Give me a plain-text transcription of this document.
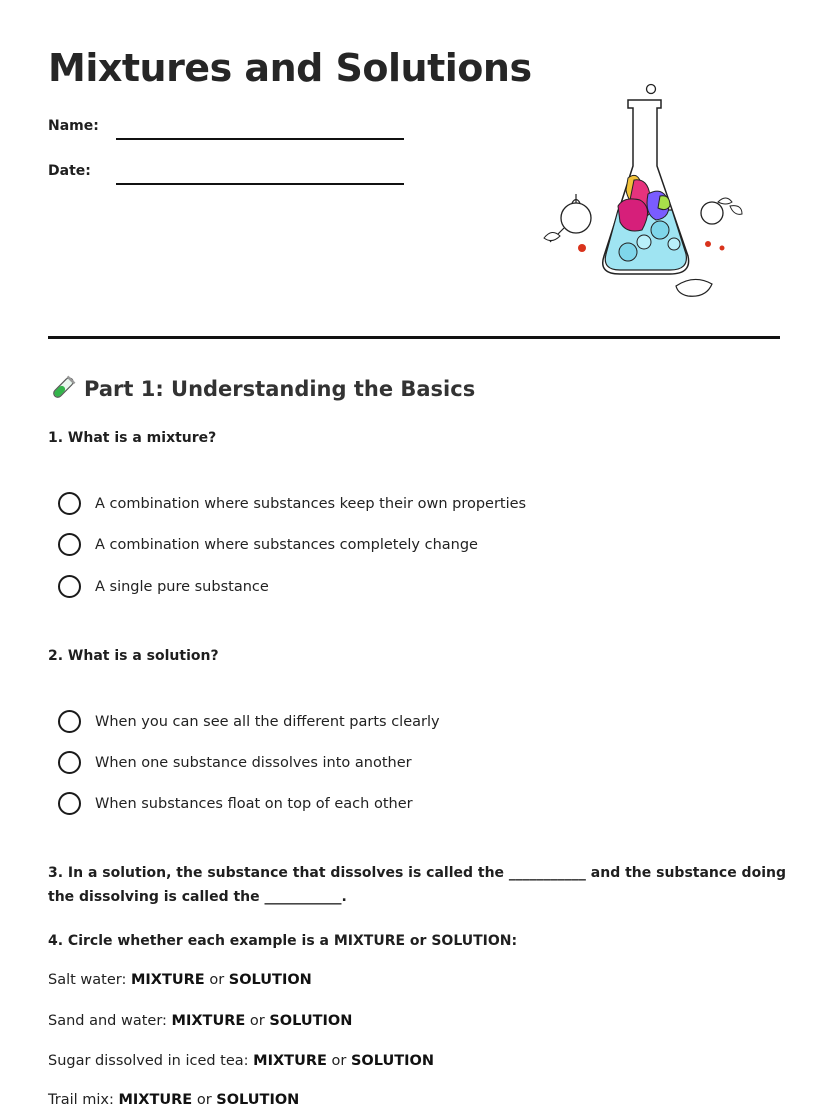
Mixtures and Solutions
Name:
Date:
Part 1: Understanding the Basics
1. What is a mixture?
A combination where substances keep their own properties
A combination where substances completely change
A single pure substance
2. What is a solution?
When you can see all the different parts clearly
When one substance dissolves into another
When substances float on top of each other
3. In a solution, the substance that dissolves is called the ___________ and the substance doing the dissolving is called the ___________.
4. Circle whether each example is a MIXTURE or SOLUTION:
Salt water: MIXTURE or SOLUTION
Sand and water: MIXTURE or SOLUTION
Sugar dissolved in iced tea: MIXTURE or SOLUTION
Trail mix: MIXTURE or SOLUTION
